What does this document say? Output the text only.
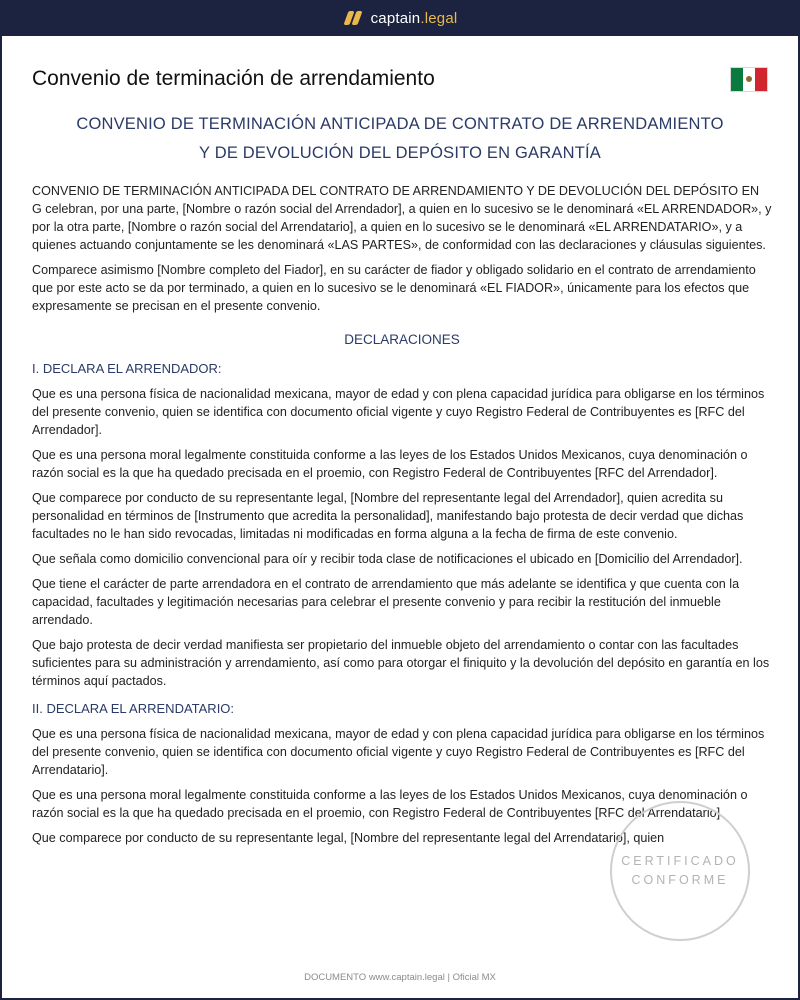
captain.legal
Convenio de terminación de arrendamiento
CONVENIO DE TERMINACIÓN ANTICIPADA DE CONTRATO DE ARRENDAMIENTO
Y DE DEVOLUCIÓN DEL DEPÓSITO EN GARANTÍA

CONVENIO DE TERMINACIÓN ANTICIPADA DEL CONTRATO DE ARRENDAMIENTO Y DE DEVOLUCIÓN DEL DEPÓSITO EN G celebran, por una parte, [Nombre o razón social del Arrendador], a quien en lo sucesivo se le denominará «EL ARRENDADOR», y por la otra parte, [Nombre o razón social del Arrendatario], a quien en lo sucesivo se le denominará «EL ARRENDATARIO», y a quienes actuando conjuntamente se les denominará «LAS PARTES», de conformidad con las declaraciones y cláusulas siguientes.

Comparece asimismo [Nombre completo del Fiador], en su carácter de fiador y obligado solidario en el contrato de arrendamiento que por este acto se da por terminado, a quien en lo sucesivo se le denominará «EL FIADOR», únicamente para los efectos que expresamente se precisan en el presente convenio.

DECLARACIONES
I. DECLARA EL ARRENDADOR:

Que es una persona física de nacionalidad mexicana, mayor de edad y con plena capacidad jurídica para obligarse en los términos del presente convenio, quien se identifica con documento oficial vigente y cuyo Registro Federal de Contribuyentes es [RFC del Arrendador].

Que es una persona moral legalmente constituida conforme a las leyes de los Estados Unidos Mexicanos, cuya denominación o razón social es la que ha quedado precisada en el proemio, con Registro Federal de Contribuyentes [RFC del Arrendador].

Que comparece por conducto de su representante legal, [Nombre del representante legal del Arrendador], quien acredita su personalidad en términos de [Instrumento que acredita la personalidad], manifestando bajo protesta de decir verdad que dichas facultades no le han sido revocadas, limitadas ni modificadas en forma alguna a la fecha de firma de este convenio.

Que señala como domicilio convencional para oír y recibir toda clase de notificaciones el ubicado en [Domicilio del Arrendador].

Que tiene el carácter de parte arrendadora en el contrato de arrendamiento que más adelante se identifica y que cuenta con la capacidad, facultades y legitimación necesarias para celebrar el presente convenio y para recibir la restitución del inmueble arrendado.

Que bajo protesta de decir verdad manifiesta ser propietario del inmueble objeto del arrendamiento o contar con las facultades suficientes para su administración y arrendamiento, así como para otorgar el finiquito y la devolución del depósito en garantía en los términos aquí pactados.

II. DECLARA EL ARRENDATARIO:

Que es una persona física de nacionalidad mexicana, mayor de edad y con plena capacidad jurídica para obligarse en los términos del presente convenio, quien se identifica con documento oficial vigente y cuyo Registro Federal de Contribuyentes es [RFC del Arrendatario].

Que es una persona moral legalmente constituida conforme a las leyes de los Estados Unidos Mexicanos, cuya denominación o razón social es la que ha quedado precisada en el proemio, con Registro Federal de Contribuyentes [RFC del Arrendatario].

Que comparece por conducto de su representante legal, [Nombre del representante legal del Arrendatario], quien

CERTIFICADO
CONFORME
DOCUMENTO www.captain.legal | Oficial MX
